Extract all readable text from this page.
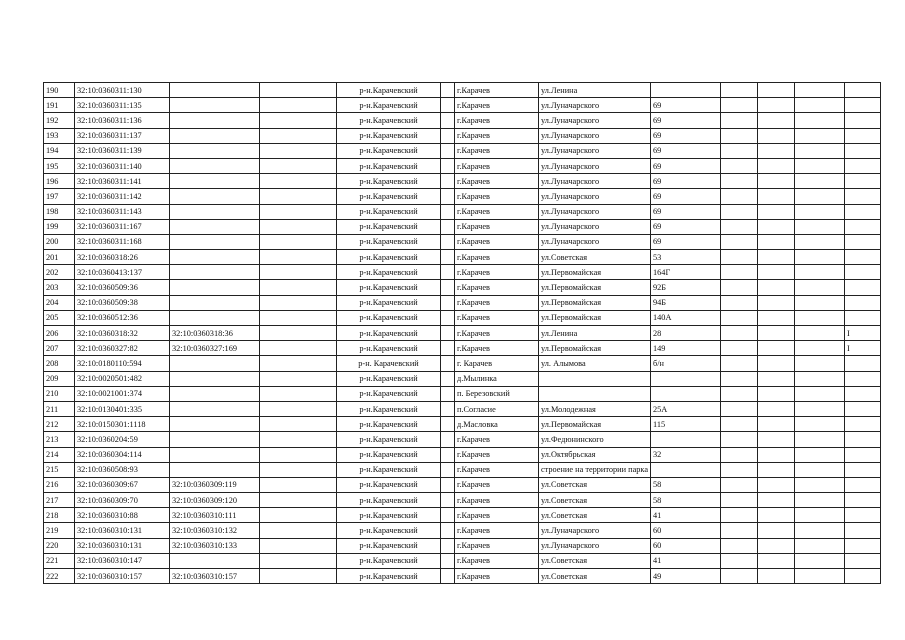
190	32:10:0360311:130			р-н.Карачевский		г.Карачев	ул.Ленина					
191	32:10:0360311:135			р-н.Карачевский		г.Карачев	ул.Луначарского	69				
192	32:10:0360311:136			р-н.Карачевский		г.Карачев	ул.Луначарского	69				
193	32:10:0360311:137			р-н.Карачевский		г.Карачев	ул.Луначарского	69				
194	32:10:0360311:139			р-н.Карачевский		г.Карачев	ул.Луначарского	69				
195	32:10:0360311:140			р-н.Карачевский		г.Карачев	ул.Луначарского	69				
196	32:10:0360311:141			р-н.Карачевский		г.Карачев	ул.Луначарского	69				
197	32:10:0360311:142			р-н.Карачевский		г.Карачев	ул.Луначарского	69				
198	32:10:0360311:143			р-н.Карачевский		г.Карачев	ул.Луначарского	69				
199	32:10:0360311:167			р-н.Карачевский		г.Карачев	ул.Луначарского	69				
200	32:10:0360311:168			р-н.Карачевский		г.Карачев	ул.Луначарского	69				
201	32:10:0360318:26			р-н.Карачевский		г.Карачев	ул.Советская	53				
202	32:10:0360413:137			р-н.Карачевский		г.Карачев	ул.Первомайская	164Г				
203	32:10:0360509:36			р-н.Карачевский		г.Карачев	ул.Первомайская	92Б				
204	32:10:0360509:38			р-н.Карачевский		г.Карачев	ул.Первомайская	94Б				
205	32:10:0360512:36			р-н.Карачевский		г.Карачев	ул.Первомайская	140А				
206	32:10:0360318:32	32:10:0360318:36		р-н.Карачевский		г.Карачев	ул.Ленина	28				I
207	32:10:0360327:82	32:10:0360327:169		р-н.Карачевский		г.Карачев	ул.Первомайская	149				I
208	32:10:0180110:594			р-н. Карачевский		г. Карачев	ул. Алымова	б/н				
209	32:10:0020501:482			р-н.Карачевский		д.Мылинка						
210	32:10:0021001:374			р-н.Карачевский		п. Березовский						
211	32:10:0130401:335			р-н.Карачевский		п.Согласие	ул.Молодежная	25А				
212	32:10:0150301:1118			р-н.Карачевский		д.Масловка	ул.Первомайская	115				
213	32:10:0360204:59			р-н.Карачевский		г.Карачев	ул.Федюнинского					
214	32:10:0360304:114			р-н.Карачевский		г.Карачев	ул.Октябрьская	32				
215	32:10:0360508:93			р-н.Карачевский		г.Карачев	строение на территории парка					
216	32:10:0360309:67	32:10:0360309:119		р-н.Карачевский		г.Карачев	ул.Советская	58				
217	32:10:0360309:70	32:10:0360309:120		р-н.Карачевский		г.Карачев	ул.Советская	58				
218	32:10:0360310:88	32:10:0360310:111		р-н.Карачевский		г.Карачев	ул.Советская	41				
219	32:10:0360310:131	32:10:0360310:132		р-н.Карачевский		г.Карачев	ул.Луначарского	60				
220	32:10:0360310:131	32:10:0360310:133		р-н.Карачевский		г.Карачев	ул.Луначарского	60				
221	32:10:0360310:147			р-н.Карачевский		г.Карачев	ул.Советская	41				
222	32:10:0360310:157	32:10:0360310:157		р-н.Карачевский		г.Карачев	ул.Советская	49				
